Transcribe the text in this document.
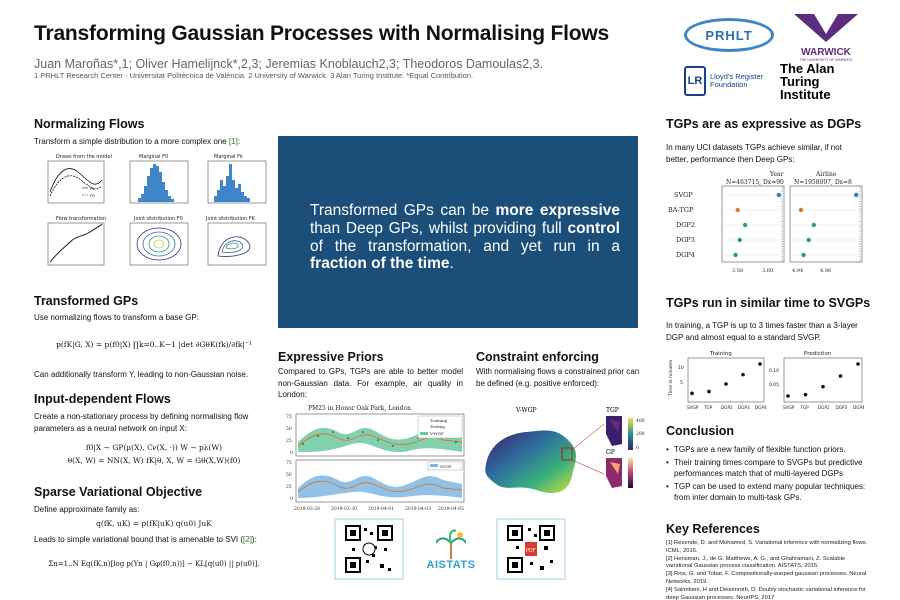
Transforming Gaussian Processes with Normalising Flows
Juan Maroñas*,1; Oliver Hamelijnck*,2,3; Jeremias Knoblauch2,3; Theodoros Damoulas2,3.
1 PRHLT Research Center - Universitat Politècnica de València. 2 University of Warwick. 3 Alan Turing Institute. *Equal Contribution.
PRHLT
WARWICK
THE UNIVERSITY OF WARWICK
LR	Lloyd's Register Foundation
The Alan Turing Institute
Normalizing Flows
Transform a simple distribution to a more complex one [1]:
Draws from the model	Marginal F0	Marginal Fk
Flow transformation	Joint distribution F0	Joint distribution FK
Fk
F0
Transformed GPs
Use normalizing flows to transform a base GP:
p(fK|G, X) = p(f0|X) ∏k=0..K−1 |det ∂GθK(fk)/∂fk|⁻¹
Can additionally transform Y, leading to non-Gaussian noise.
Input-dependent Flows
Create a non-stationary process by defining normalising flow parameters as a neural network on input X:
f0|X ∼ GP(μ(X), C𝜈(X, ·)) W ∼ pλ(W)
θ(X, W) = NN(X, W) fK|θ, X, W = Gθ(X,W)(f0)
Sparse Variational Objective
Define approximate family as:
q(fK, uK) = p(fK|uK) q(u0) JuK
Leads to simple variational bound that is amenable to SVI ([2]):
Σn=1..N Eq(fK,n)[log p(Yn | Gφ(f0,n))] − KL[q(u0) || p(u0)].
Transformed GPs can be more expressive than Deep GPs, whilst providing full control of the transformation, and yet run in a fraction of the time.
Expressive Priors
Compared to GPs, TGPs are able to better model non-Gaussian data. For example, air quality in London:
PM25 in Honor Oak Park, London
75
50
25
0
75
50
25
0
2019-03-28 2019-03-30 2019-04-01 2019-04-03 2019-04-05
Training
Testing
V-WGP
SVGP
Constraint enforcing
With normalising flows a constrained prior can be defined (e.g. positive enforced):
V-WGP	TGP
GP
400
200
0
AISTATS
PDF
TGPs are as expressive as DGPs
In many UCI datasets TGPs achieve similar, if not better, performance then Deep GPs:
Year
N=463715, Dx=90
Airline
N=1958097, Dx=8
SVGP
BA-TGP
DGP2
DGP3
DGP4
3.58	3.60	4.94	4.96
TGPs run in similar time to SVGPs
In training, a TGP is up to 3 times faster than a 3-layer DGP and almost equal to a standard SVGP.
Training	Prediction
Time in minutes 10
5
0.10
0.05
SVGP TGP DGP2 DGP3 DGP4	SVGP TGP DGP2 DGP3 DGP4
Conclusion
• TGPs are a new family of flexible function priors.
• Their training times compare to SVGPs but predictive performances match that of multi-layered DGPs
• TGP can be used to extend many popular techniques: from inter domain to multi-task GPs.
Key References
[1] Rezende, D. and Mohamed, S. Variational inference with normalizing flows. ICML, 2015.
[2] Hensman, J., de G. Matthews, A. G., and Ghahramani, Z. Scalable variational Gaussian process classification. AISTATS, 2015.
[3] Rios, G. and Tobar, F. Compositionally-warped gaussian processes. Neural Networks, 2019.
[4] Salimbeni, H and Deisenroth, D. Doubly stochastic variational inference for deep Gaussian processes. NeurIPS, 2017
